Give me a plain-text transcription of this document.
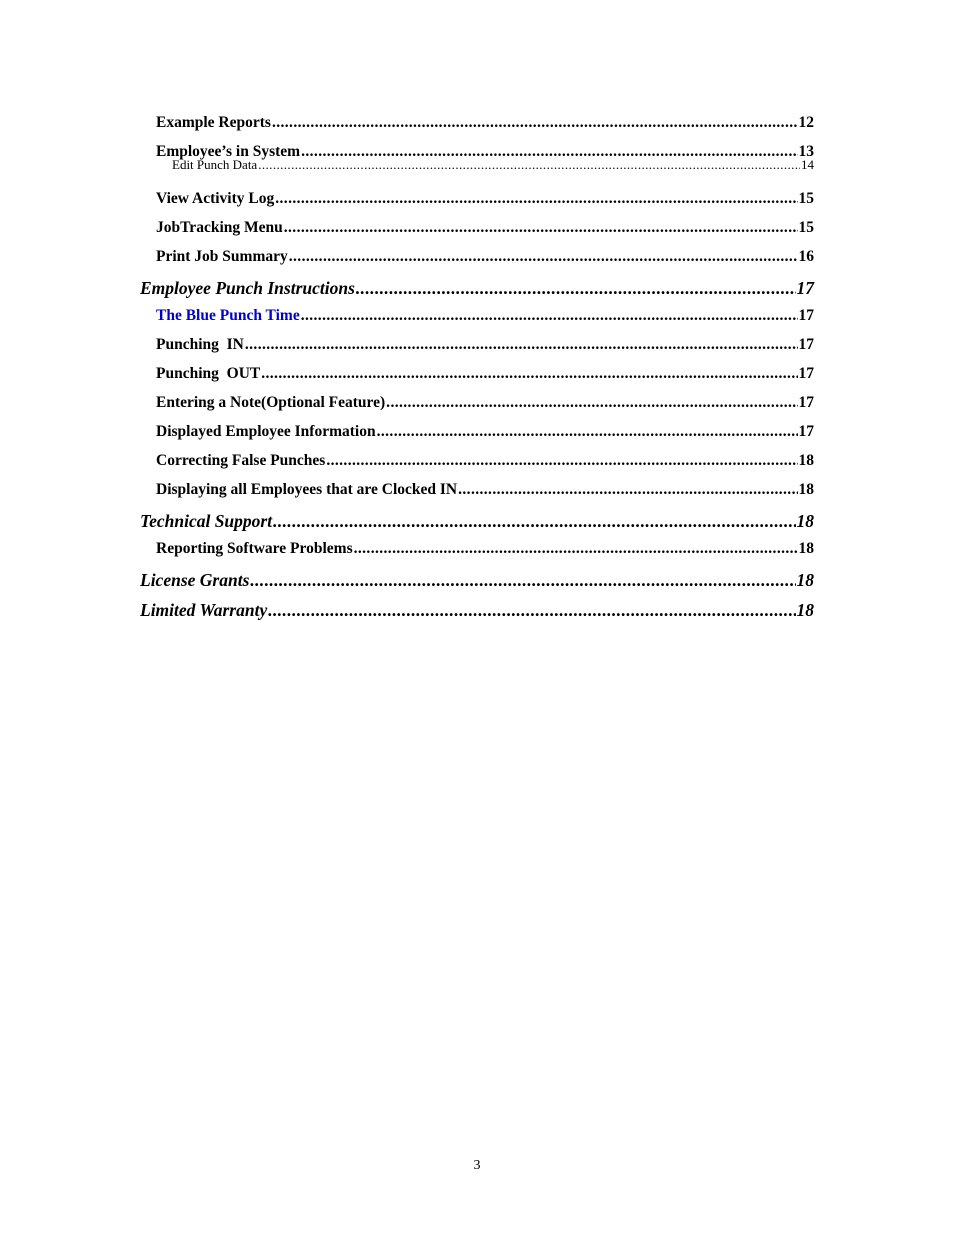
Example Reports .....	12
Employee’s in System .....	13
Edit Punch Data .....	14
View Activity Log .....	15
JobTracking Menu .....	15
Print Job Summary .....	16
Employee Punch Instructions .....	17
The Blue Punch Time .....	17
Punching  IN .....	17
Punching  OUT .....	17
Entering a Note(Optional Feature) .....	17
Displayed Employee Information .....	17
Correcting False Punches .....	18
Displaying all Employees that are Clocked IN .....	18
Technical Support .....	18
Reporting Software Problems .....	18
License Grants .....	18
Limited Warranty .....	18
3
